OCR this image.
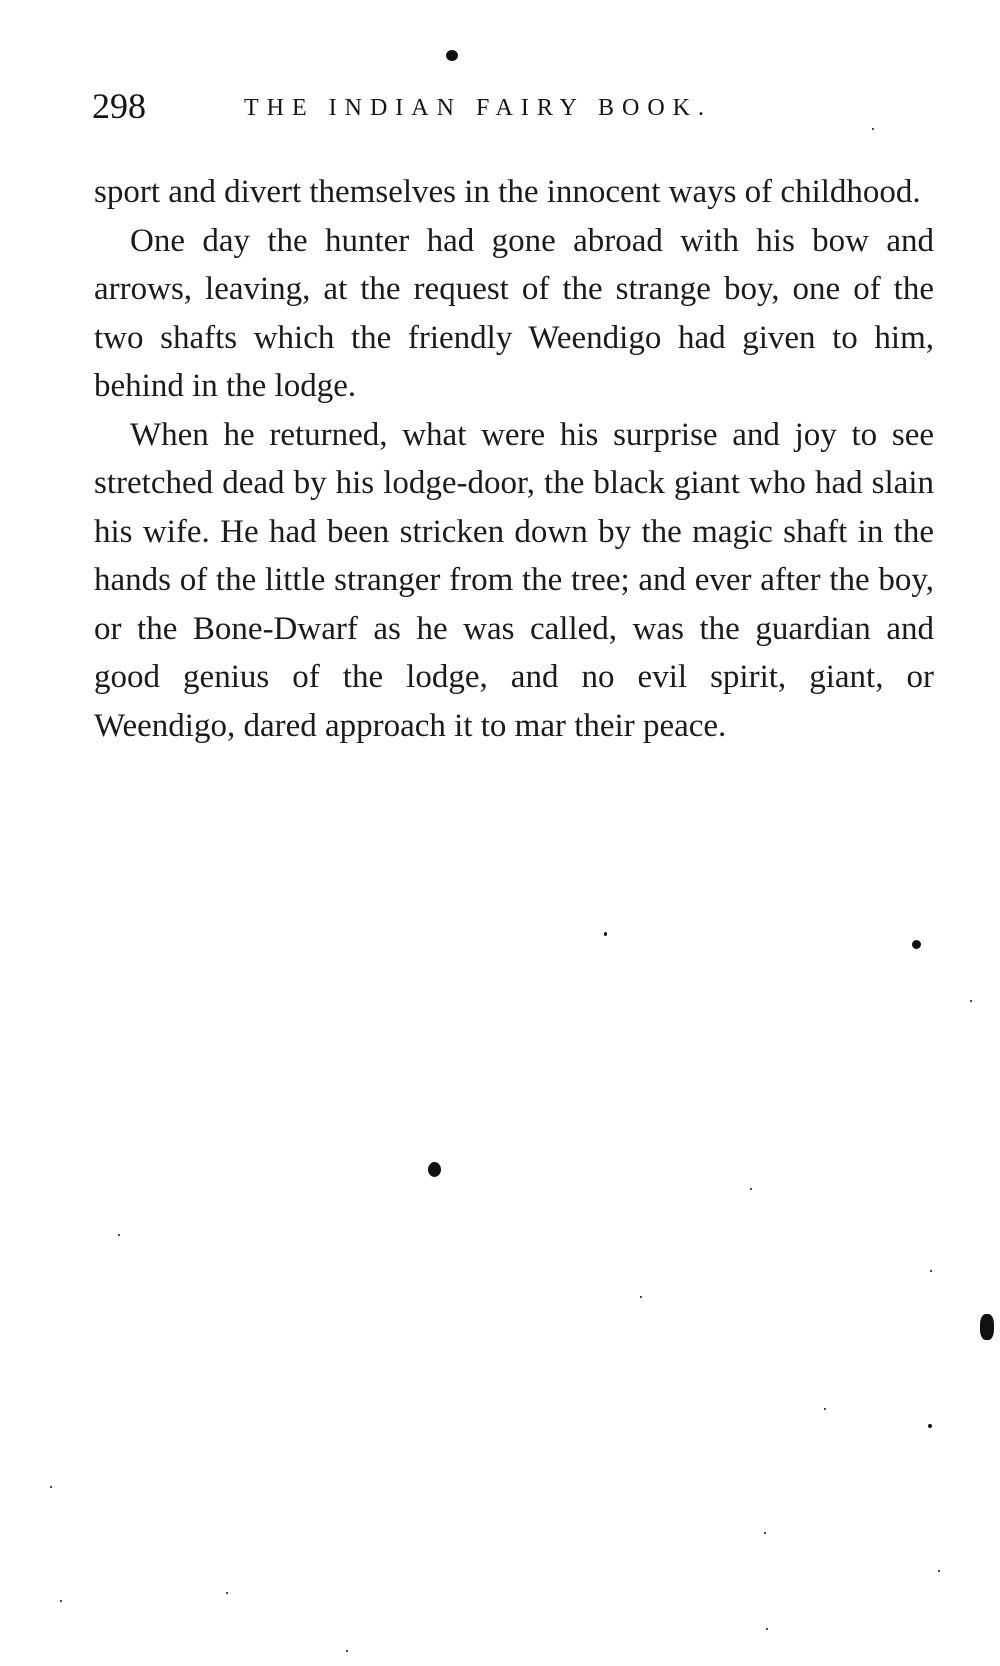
298	THE INDIAN FAIRY BOOK.

sport and divert themselves in the innocent ways of childhood.

One day the hunter had gone abroad with his bow and arrows, leaving, at the request of the strange boy, one of the two shafts which the friendly Weendigo had given to him, behind in the lodge.

When he returned, what were his surprise and joy to see stretched dead by his lodge-door, the black giant who had slain his wife. He had been stricken down by the magic shaft in the hands of the little stranger from the tree; and ever after the boy, or the Bone-Dwarf as he was called, was the guardian and good genius of the lodge, and no evil spirit, giant, or Weendigo, dared approach it to mar their peace.
